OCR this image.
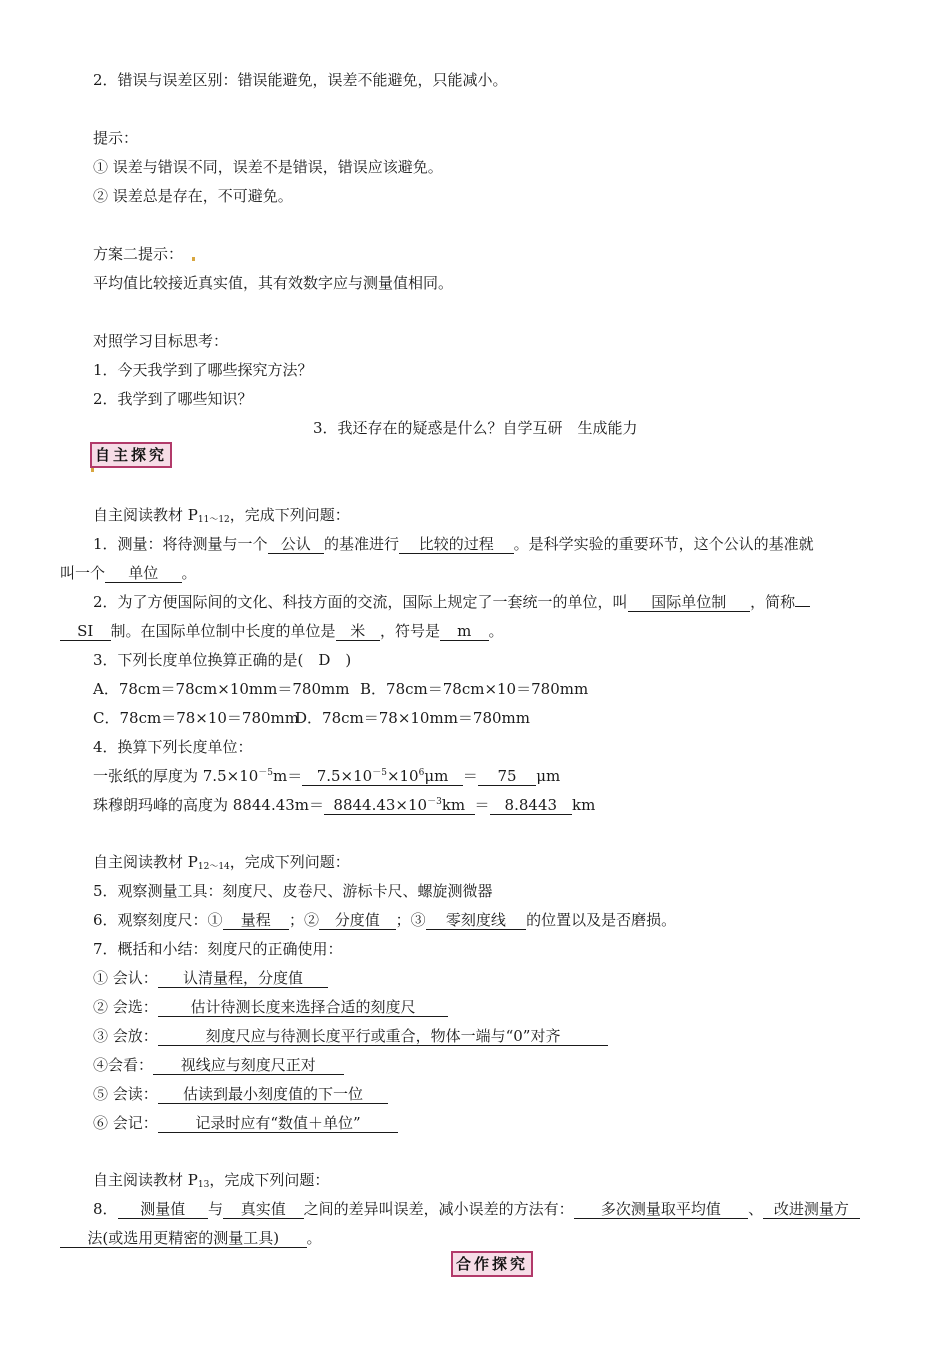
2．错误与误差区别：错误能避免，误差不能避免，只能减小。
提示：
① 误差与错误不同，误差不是错误，错误应该避免。
② 误差总是存在，不可避免。
方案二提示：
平均值比较接近真实值，其有效数字应与测量值相同。
对照学习目标思考：
1．今天我学到了哪些探究方法？
2．我学到了哪些知识？
3．我还存在的疑惑是什么？自学互研　生成能力
自主探究
自主阅读教材 $P_{11\sim 12}$，完成下列问题：
1．测量：将待测量与一个 公认 的基准进行 比较的过程 。是科学实验的重要环节，这个公认的基准就
叫一个 单位 。
2．为了方便国际间的文化、科技方面的交流，国际上规定了一套统一的单位，叫 国际单位制 ，简称
SI 制。在国际单位制中长度的单位是 米 ，符号是 m 。
3．下列长度单位换算正确的是(　D　)
A．78cm＝78cm×10mm＝780mm B．78cm＝78cm×10＝780mm
C．78cm＝78×10＝780mm
D．78cm＝78×10mm＝780mm
4．换算下列长度单位：
一张纸的厚度为 $7.5\times 10^{-5}m= 7.5\times 10^{-5}\times 10^6\mu m = 75$ μm
珠穆朗玛峰的高度为 $8844.43m= 8844.43\times 10^{-3}km = 8.8443$ km
自主阅读教材 $P_{12\sim 14}$，完成下列问题：
5．观察测量工具：刻度尺、皮卷尺、游标卡尺、螺旋测微器
6．观察刻度尺：① 量程 ；② 分度值 ；③ 零刻度线 的位置以及是否磨损。
7．概括和小结：刻度尺的正确使用：
① 会认： 认清量程，分度值
② 会选： 估计待测长度来选择合适的刻度尺
③ 会放：	刻度尺应与待测长度平行或重合，物体一端与“0”对齐
④会看： 视线应与刻度尺正对
⑤ 会读： 估读到最小刻度值的下一位
⑥ 会记：	记录时应有“数值＋单位”
自主阅读教材 $P_{13}$，完成下列问题：
8． 测量值 与 真实值 之间的差异叫误差，减小误差的方法有： 多次测量取平均值 、 改进测量方
法(或选用更精密的测量工具) 。
合作探究
